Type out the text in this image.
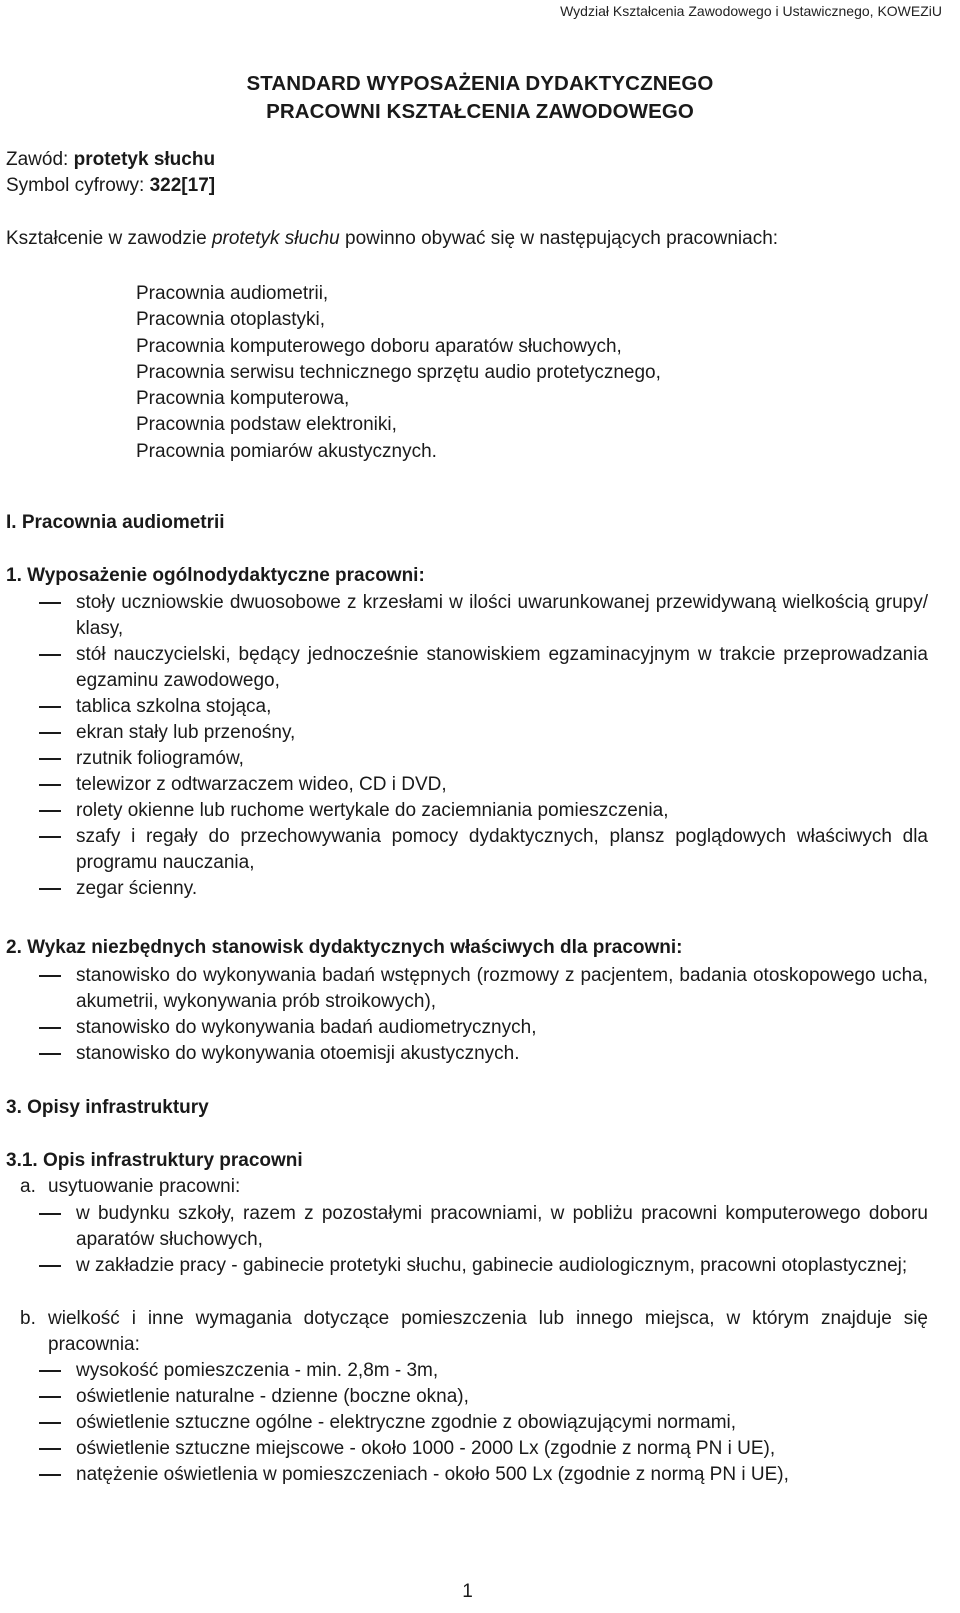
Wydział Kształcenia Zawodowego i Ustawicznego, KOWEZiU
STANDARD WYPOSAŻENIA DYDAKTYCZNEGO
PRACOWNI KSZTAŁCENIA ZAWODOWEGO
Zawód: protetyk słuchu
Symbol cyfrowy: 322[17]
Kształcenie w zawodzie protetyk słuchu powinno obywać się w następujących pracowniach:
Pracownia audiometrii,
Pracownia otoplastyki,
Pracownia komputerowego doboru aparatów słuchowych,
Pracownia serwisu technicznego sprzętu audio protetycznego,
Pracownia komputerowa,
Pracownia podstaw elektroniki,
Pracownia pomiarów akustycznych.
I. Pracownia audiometrii
1. Wyposażenie ogólnodydaktyczne pracowni:
stoły uczniowskie dwuosobowe z krzesłami w ilości uwarunkowanej przewidywaną wielkością grupy/ klasy,
stół nauczycielski, będący jednocześnie stanowiskiem egzaminacyjnym w trakcie przeprowadzania egzaminu zawodowego,
tablica szkolna stojąca,
ekran stały lub przenośny,
rzutnik foliogramów,
telewizor z odtwarzaczem wideo, CD i DVD,
rolety okienne lub ruchome wertykale do zaciemniania pomieszczenia,
szafy i regały do przechowywania pomocy dydaktycznych, plansz poglądowych właściwych dla programu nauczania,
zegar ścienny.
2. Wykaz niezbędnych stanowisk dydaktycznych właściwych dla pracowni:
stanowisko do wykonywania badań wstępnych (rozmowy z pacjentem, badania otoskopowego ucha, akumetrii, wykonywania prób stroikowych),
stanowisko do wykonywania badań audiometrycznych,
stanowisko do wykonywania otoemisji akustycznych.
3. Opisy infrastruktury
3.1. Opis infrastruktury pracowni
a. usytuowanie pracowni:
w budynku szkoły, razem z pozostałymi pracowniami, w pobliżu pracowni komputerowego doboru aparatów słuchowych,
w zakładzie pracy - gabinecie protetyki słuchu, gabinecie audiologicznym, pracowni otoplastycznej;
b. wielkość i inne wymagania dotyczące pomieszczenia lub innego miejsca, w którym znajduje się pracownia:
wysokość pomieszczenia - min. 2,8m - 3m,
oświetlenie naturalne - dzienne (boczne okna),
oświetlenie sztuczne ogólne - elektryczne zgodnie z obowiązującymi normami,
oświetlenie sztuczne miejscowe - około 1000 - 2000 Lx (zgodnie z normą PN i UE),
natężenie oświetlenia w pomieszczeniach - około 500 Lx (zgodnie z normą PN i UE),
1
